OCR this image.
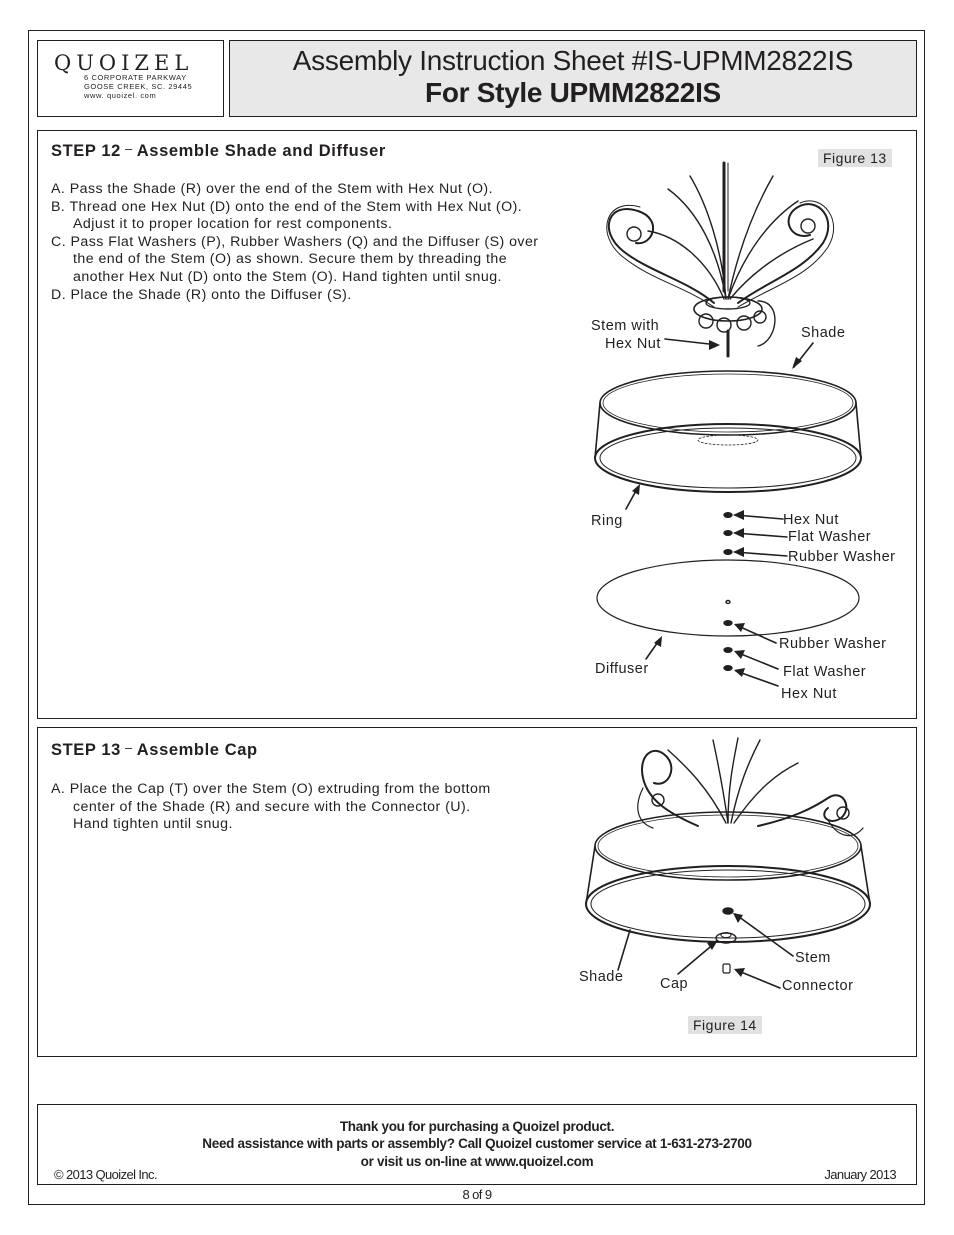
QUOIZEL
6 CORPORATE PARKWAY
GOOSE CREEK, SC. 29445
www. quoizel. com
Assembly Instruction Sheet #IS-UPMM2822IS
For Style UPMM2822IS
STEP 12 – Assemble Shade and Diffuser
A. Pass the Shade (R) over the end of the Stem with Hex Nut (O).
B. Thread one Hex Nut (D) onto the end of the Stem with Hex Nut (O). Adjust it to proper location for rest components.
C. Pass Flat Washers (P), Rubber Washers (Q) and the Diffuser (S) over the end of the Stem (O) as shown. Secure them by threading the another Hex Nut (D) onto the Stem (O). Hand tighten until snug.
D. Place the Shade (R) onto the Diffuser (S).
Figure 13
Stem with
Hex Nut
Shade
Ring	Hex Nut
Flat Washer
Rubber Washer
Rubber Washer
Diffuser	Flat Washer
Hex Nut
STEP 13 – Assemble Cap
A. Place the Cap (T) over the Stem (O) extruding from the bottom center of the Shade (R) and secure with the Connector (U). Hand tighten until snug.
Figure 14
Stem
Shade	Cap	Connector
Thank you for purchasing a Quoizel product.
Need assistance with parts or assembly? Call Quoizel customer service at 1-631-273-2700
or visit us on-line at www.quoizel.com
© 2013 Quoizel Inc.	January 2013
8 of 9
